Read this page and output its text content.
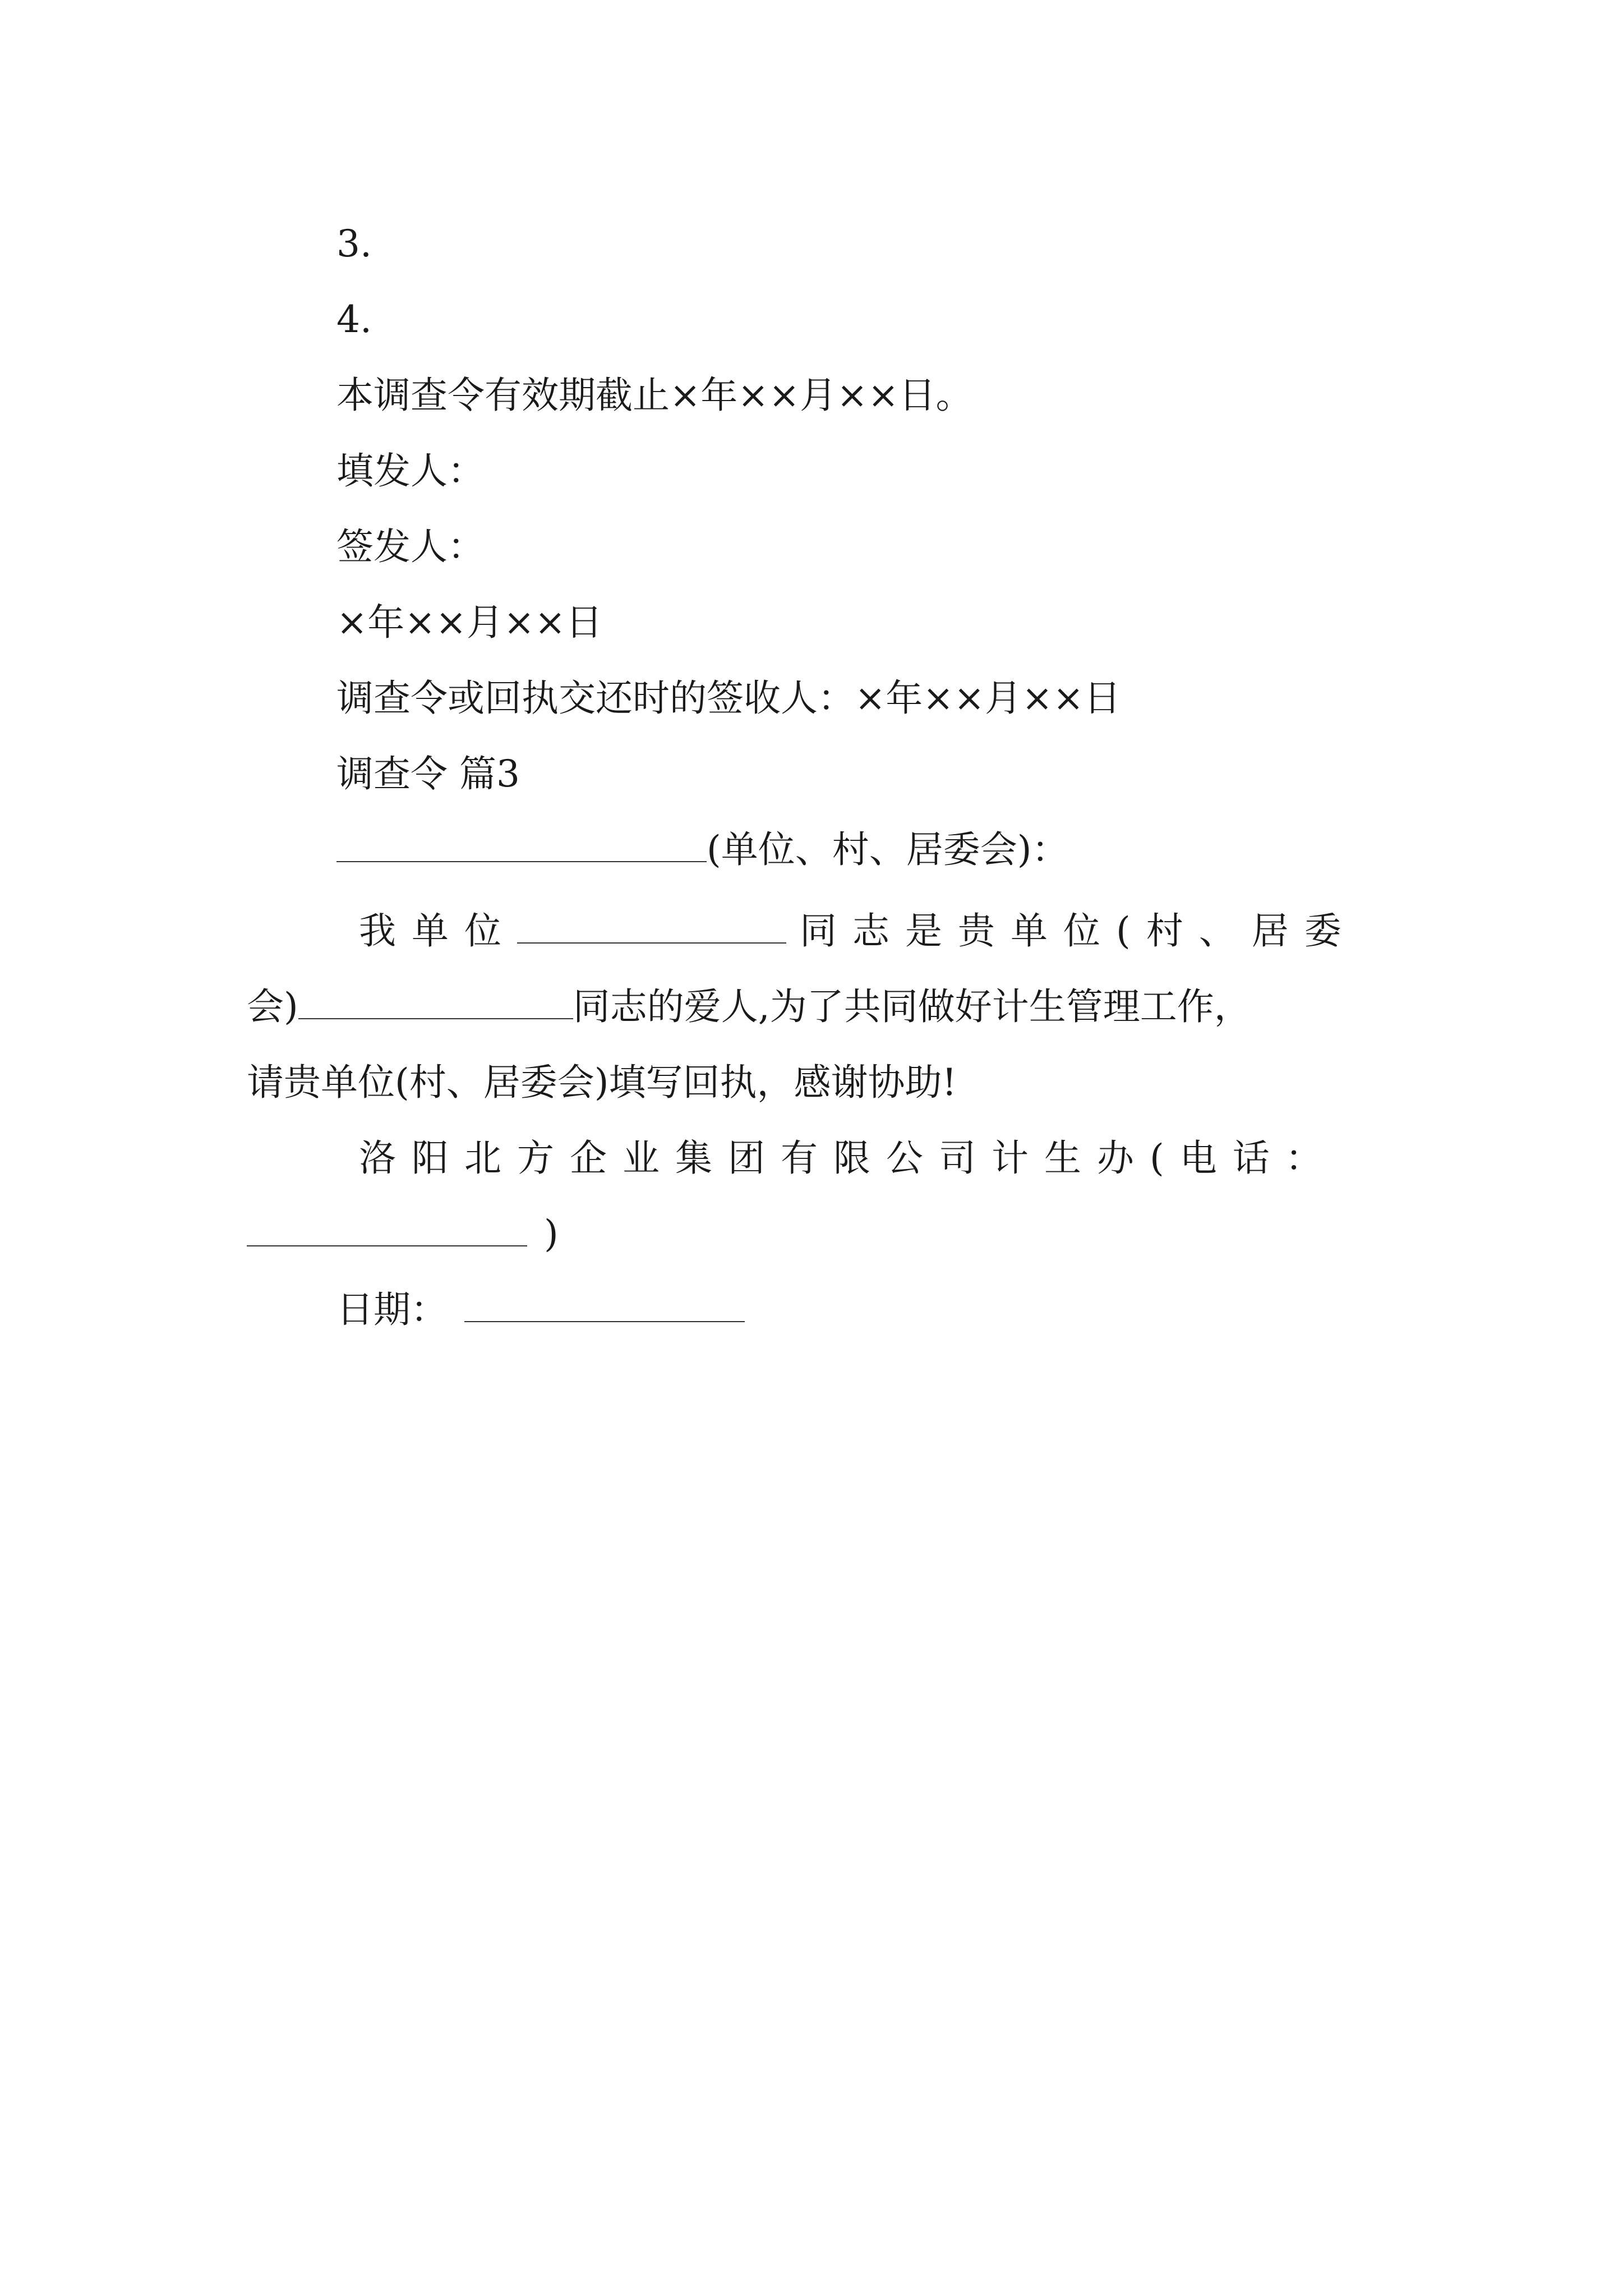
3.
4.
本调查令有效期截止×年××月××日。
填发人：
签发人：
×年××月××日
调查令或回执交还时的签收人：×年××月××日
调查令 篇3
(单位、村、居委会)：
我单位	同志是贵单位(村、居委
会)	同志的爱人,为了共同做好计生管理工作，
请贵单位(村、居委会)填写回执，感谢协助!
洛阳北方企业集团有限公司计生办(电话：
)
日期：
